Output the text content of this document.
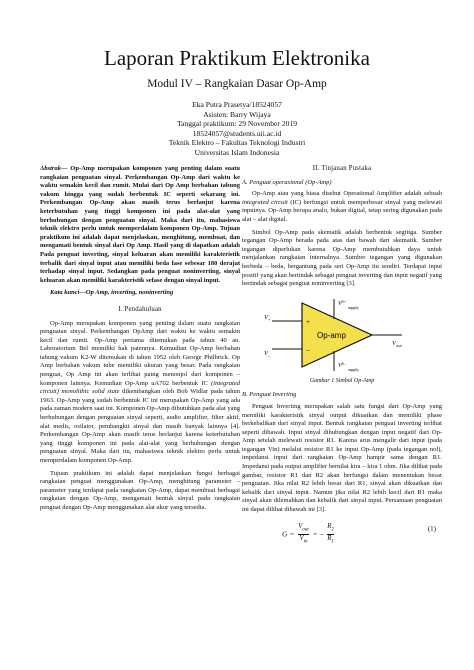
Laporan Praktikum Elektronika
Modul IV – Rangkaian Dasar Op-Amp
Eka Putra Prasetya/18524057
Asisten: Barry Wijaya
Tanggal praktikum: 29 November 2019
18524057@students.uii.ac.id
Teknik Elektro – Fakultas Teknologi Industri
Universitas Islam Indonesia

Abstrak— Op-Amp merupakan komponen yang penting dalam suatu rangkaian penguatan sinyal. Perkembangan Op-Amp dari waktu ke waktu semakin kecil dan rumit. Mulai dari Op Amp berbahan tabung vakum hingga yang sudah berbentuk IC seperti sekarang ini. Perkembangan Op-Amp akan masih terus berlanjut karena keterbutuhan yang tinggi komponen ini pada alat-alat yang berhubungan dengan penguatan sinyal. Maka dari itu, mahasiswa teknik elektro perlu untuk memperdalam komponen Op-Amp. Tujuan praktikum ini adalah dapat menjelaskan, menghitung, membuat, dan mengamati bentuk sinyal dari Op Amp. Hasil yang di dapatkan adalah Pada penguat inverting, sinyal keluaran akan memiliki karakteristik terbalik dari sinyal input atau memiliki beda fase sebesar 180 derajat terhadap sinyal input. Sedangkan pada penguat noninverting, sinyal keluaran akan memiliki karakteristik sefase dengan sinyal input.

Kata kunci—Op Amp, inverting, noninverting

I. Pendahuluan

Op-Amp merupakan komponen yang penting dalam suatu rangkaian penguatan sinyal. Perkembangan OpAmp dari waktu ke waktu semakin kecil dan rumit. Op-Amp pertama ditemukan pada tahun 40 an. Laboratorium Bel memiliki hak patennya. Kemudian Op-Amp berbahan tabung vakum K2-W ditemukan di tahun 1952 oleh George Philbrick. Op Amp berbahan vakum tube memiliki ukuran yang besar. Pada rangkaian penguat, Op Amp ini akan terlihat paing menonjol dari komponen – komponen lainnya. Kemudian Op-Amp uA702 berbentuk IC (integrated circuit) monolithic solid state dikembangkan oleh Bob Widlar pada tahun 1963. Op-Amp yang sudah berbentuk IC ini merupakan Op-Amp yang ada pada zaman modern saat ini. Komponen Op-Amp dibutuhkan pada alat yang berhubungan dengan penguatan sinyal seperti, audio amplifier, filter aktif, alat medis, osilator, pembangkit sinyal dan masih banyak lainnya [4]. Perkembangan Op-Amp akan masih terus berlanjut karena keterbutuhan yang tinggi komponen ini pada alat-alat yang berhubungan dengan penguatan sinyal. Maka dari itu, mahasiswa teknik elektro perlu untuk memperdalam komponen Op-Amp.

Tujuan praktikum ini adalah dapat menjelaskan fungsi berbagai rangkaian penguat menggunakan Op-Amp, menghitung parameter – parameter yang terdapat pada rangkaian Op-Amp, dapat membuat berbagai rangkaian dengan Op-Amp, mengamati bentuk sinyal pada rangkaian penguat dengan Op-Amp menggunakan alat ukur yang tersedia.

II. Tinjauan Pustaka
A. Penguat operasional (Op-Amp)

Op-Amp atau yang biasa disebut Operational Amplifier adalah sebuah integrated circuit (IC) berfungsi untuk memperbesar sinyal yang melewati inputnya. Op-Amp berupa analo, bukan digital, tetap sering digunakan pada alat – alat digital.

Simbol Op-Amp pada skematik adalah berbentuk segitiga. Sumber tegangan Op-Amp berada pada atas dan bawah dari skematik. Sumber tegangan diperlukan karena Op-Amp membutuhkan daya untuk menjalankan rangkaian internalnya. Sumber tegangan yang digunakan berbeda – beda, bergantung pada seri Op-Amp itu sendiri. Terdapat input positif yang akan bertindak sebagai penguat inverting dan input negatif yang bertindak sebagai penguat noninverting [3].

+
–
Op-amp
$V_+$
$V_-$
$V_{out}$
$V^{S+}$
supply
$V^{S-}$
supply
Gambar 1 Simbol Op-Amp
B. Penguat Inverting

Penguat Inverting merupakan salah satu fungsi dari Op-Amp yang memiliki karakteristik sinyal output dikuatkan dan memiliki phase berkebalikan dari sinyal input. Bentuk rangkaian penguat inverting terlihat seperti dibawah. Input sinyal dihubungkan dengan input negatif dari Op-Amp setelah melewati resistor R1. Karena arus mengalir dari input (pada tegangan Vin) melalui resistor R1 ke input Op-Amp (pada tegangan nol), impedansi input dari rangkaian Op-Amp hampir sama dengan R1. Impedansi pada output amplifier bernilai kira – kira 1 ohm. Jika dilihat pada gambar, resistor R1 dan R2 akan berfungsi dalam menentukan besar penguatan. Jika nilai R2 lebih besar dari R1, sinyal akan dikuatkan dan kebalik dari sinyal input. Namun jika nilai R2 lebih kecil dari R1 maka sinyal akan dilemahkan dan kebalik dari sinyal input. Persamaan penguatan ini dapat dilihat dibawah ini [3].

$G = \frac{V_{out}}{V_{in}}$ = – $\frac{R_2}{R_1}$	(1)
